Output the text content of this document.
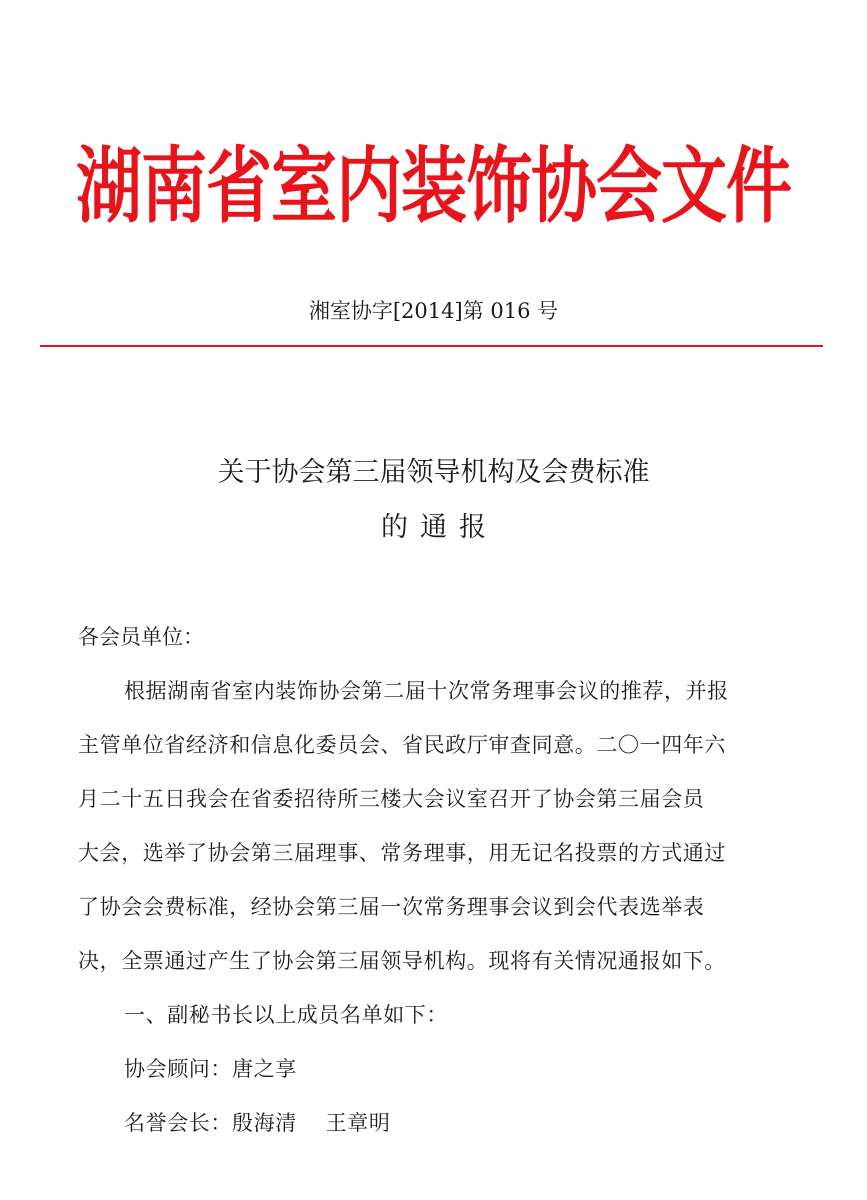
湖南省室内装饰协会文件
湘室协字[2014]第 016 号
关于协会第三届领导机构及会费标准
的通报
各会员单位：
根据湖南省室内装饰协会第二届十次常务理事会议的推荐，并报
主管单位省经济和信息化委员会、省民政厅审查同意。二〇一四年六
月二十五日我会在省委招待所三楼大会议室召开了协会第三届会员
大会，选举了协会第三届理事、常务理事，用无记名投票的方式通过
了协会会费标准，经协会第三届一次常务理事会议到会代表选举表
决，全票通过产生了协会第三届领导机构。现将有关情况通报如下。
一、副秘书长以上成员名单如下：
协会顾问：唐之享
名誉会长：殷海清　 王章明
